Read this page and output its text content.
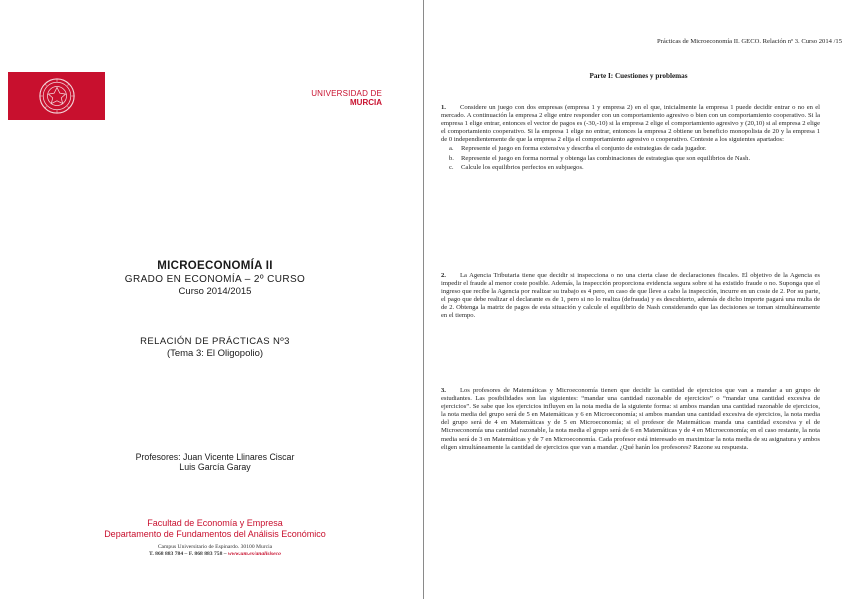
UNIVERSIDAD DE
MURCIA
MICROECONOMÍA II
GRADO EN ECONOMÍA – 2º CURSO
Curso 2014/2015
RELACIÓN DE PRÁCTICAS Nº3
(Tema 3: El Oligopolio)
Profesores: Juan Vicente Llinares Ciscar
Luis García Garay
Facultad de Economía y Empresa
Departamento de Fundamentos del Análisis Económico
Campus Universitario de Espinardo. 30100 Murcia
T. 868 883 784 – F. 868 883 758 – www.um.es/analisiseco
Prácticas de Microeconomía II. GECO. Relación nº 3. Curso 2014 /15
Parte I: Cuestiones y problemas
1. Considere un juego con dos empresas (empresa 1 y empresa 2) en el que, inicialmente la empresa 1 puede decidir entrar o no en el mercado. A continuación la empresa 2 elige entre responder con un comportamiento agresivo o bien con un comportamiento cooperativo. Si la empresa 1 elige entrar, entonces el vector de pagos es (-30,-10) si la empresa 2 elige el comportamiento agresivo y (20,10) si al empresa 2 elige el comportamiento cooperativo. Si la empresa 1 elige no entrar, entonces la empresa 2 obtiene un beneficio monopolista de 20 y la empresa 1 de 0 independientemente de que la empresa 2 elija el comportamiento agresivo o cooperativo. Conteste a los siguientes apartados:
a. Represente el juego en forma extensiva y describa el conjunto de estrategias de cada jugador.
b. Represente el juego en forma normal y obtenga las combinaciones de estrategias que son equilibrios de Nash.
c. Calcule los equilibrios perfectos en subjuegos.
2. La Agencia Tributaria tiene que decidir si inspecciona o no una cierta clase de declaraciones fiscales. El objetivo de la Agencia es impedir el fraude al menor coste posible. Además, la inspección proporciona evidencia segura sobre si ha existido fraude o no. Suponga que el ingreso que recibe la Agencia por realizar su trabajo es 4 pero, en caso de que lleve a cabo la inspección, incurre en un coste de 2. Por su parte, el pago que debe realizar el declarante es de 1, pero si no lo realiza (defrauda) y es descubierto, además de dicho importe pagará una multa de de 2. Obtenga la matriz de pagos de esta situación y calcule el equilibrio de Nash considerando que las decisiones se toman simultáneamente en el tiempo.
3. Los profesores de Matemáticas y Microeconomía tienen que decidir la cantidad de ejercicios que van a mandar a un grupo de estudiantes. Las posibilidades son las siguientes: “mandar una cantidad razonable de ejercicios” o “mandar una cantidad excesiva de ejercicios”. Se sabe que los ejercicios influyen en la nota media de la siguiente forma: si ambos mandan una cantidad razonable de ejercicios, la nota media del grupo será de 5 en Matemáticas y 6 en Microeconomía; si ambos mandan una cantidad excesiva de ejercicios, la nota media del grupo será de 4 en Matemáticas y de 5 en Microeconomía; si el profesor de Matemáticas manda una cantidad excesiva y el de Microeconomía una cantidad razonable, la nota media el grupo será de 6 en Matemáticas y de 4 en Microeconomía; en el caso restante, la nota media será de 3 en Matemáticas y de 7 en Microeconomía. Cada profesor está interesado en maximizar la nota media de su asignatura y ambos eligen simultáneamente la cantidad de ejercicios que van a mandar. ¿Qué harán los profesores? Razone su respuesta.
